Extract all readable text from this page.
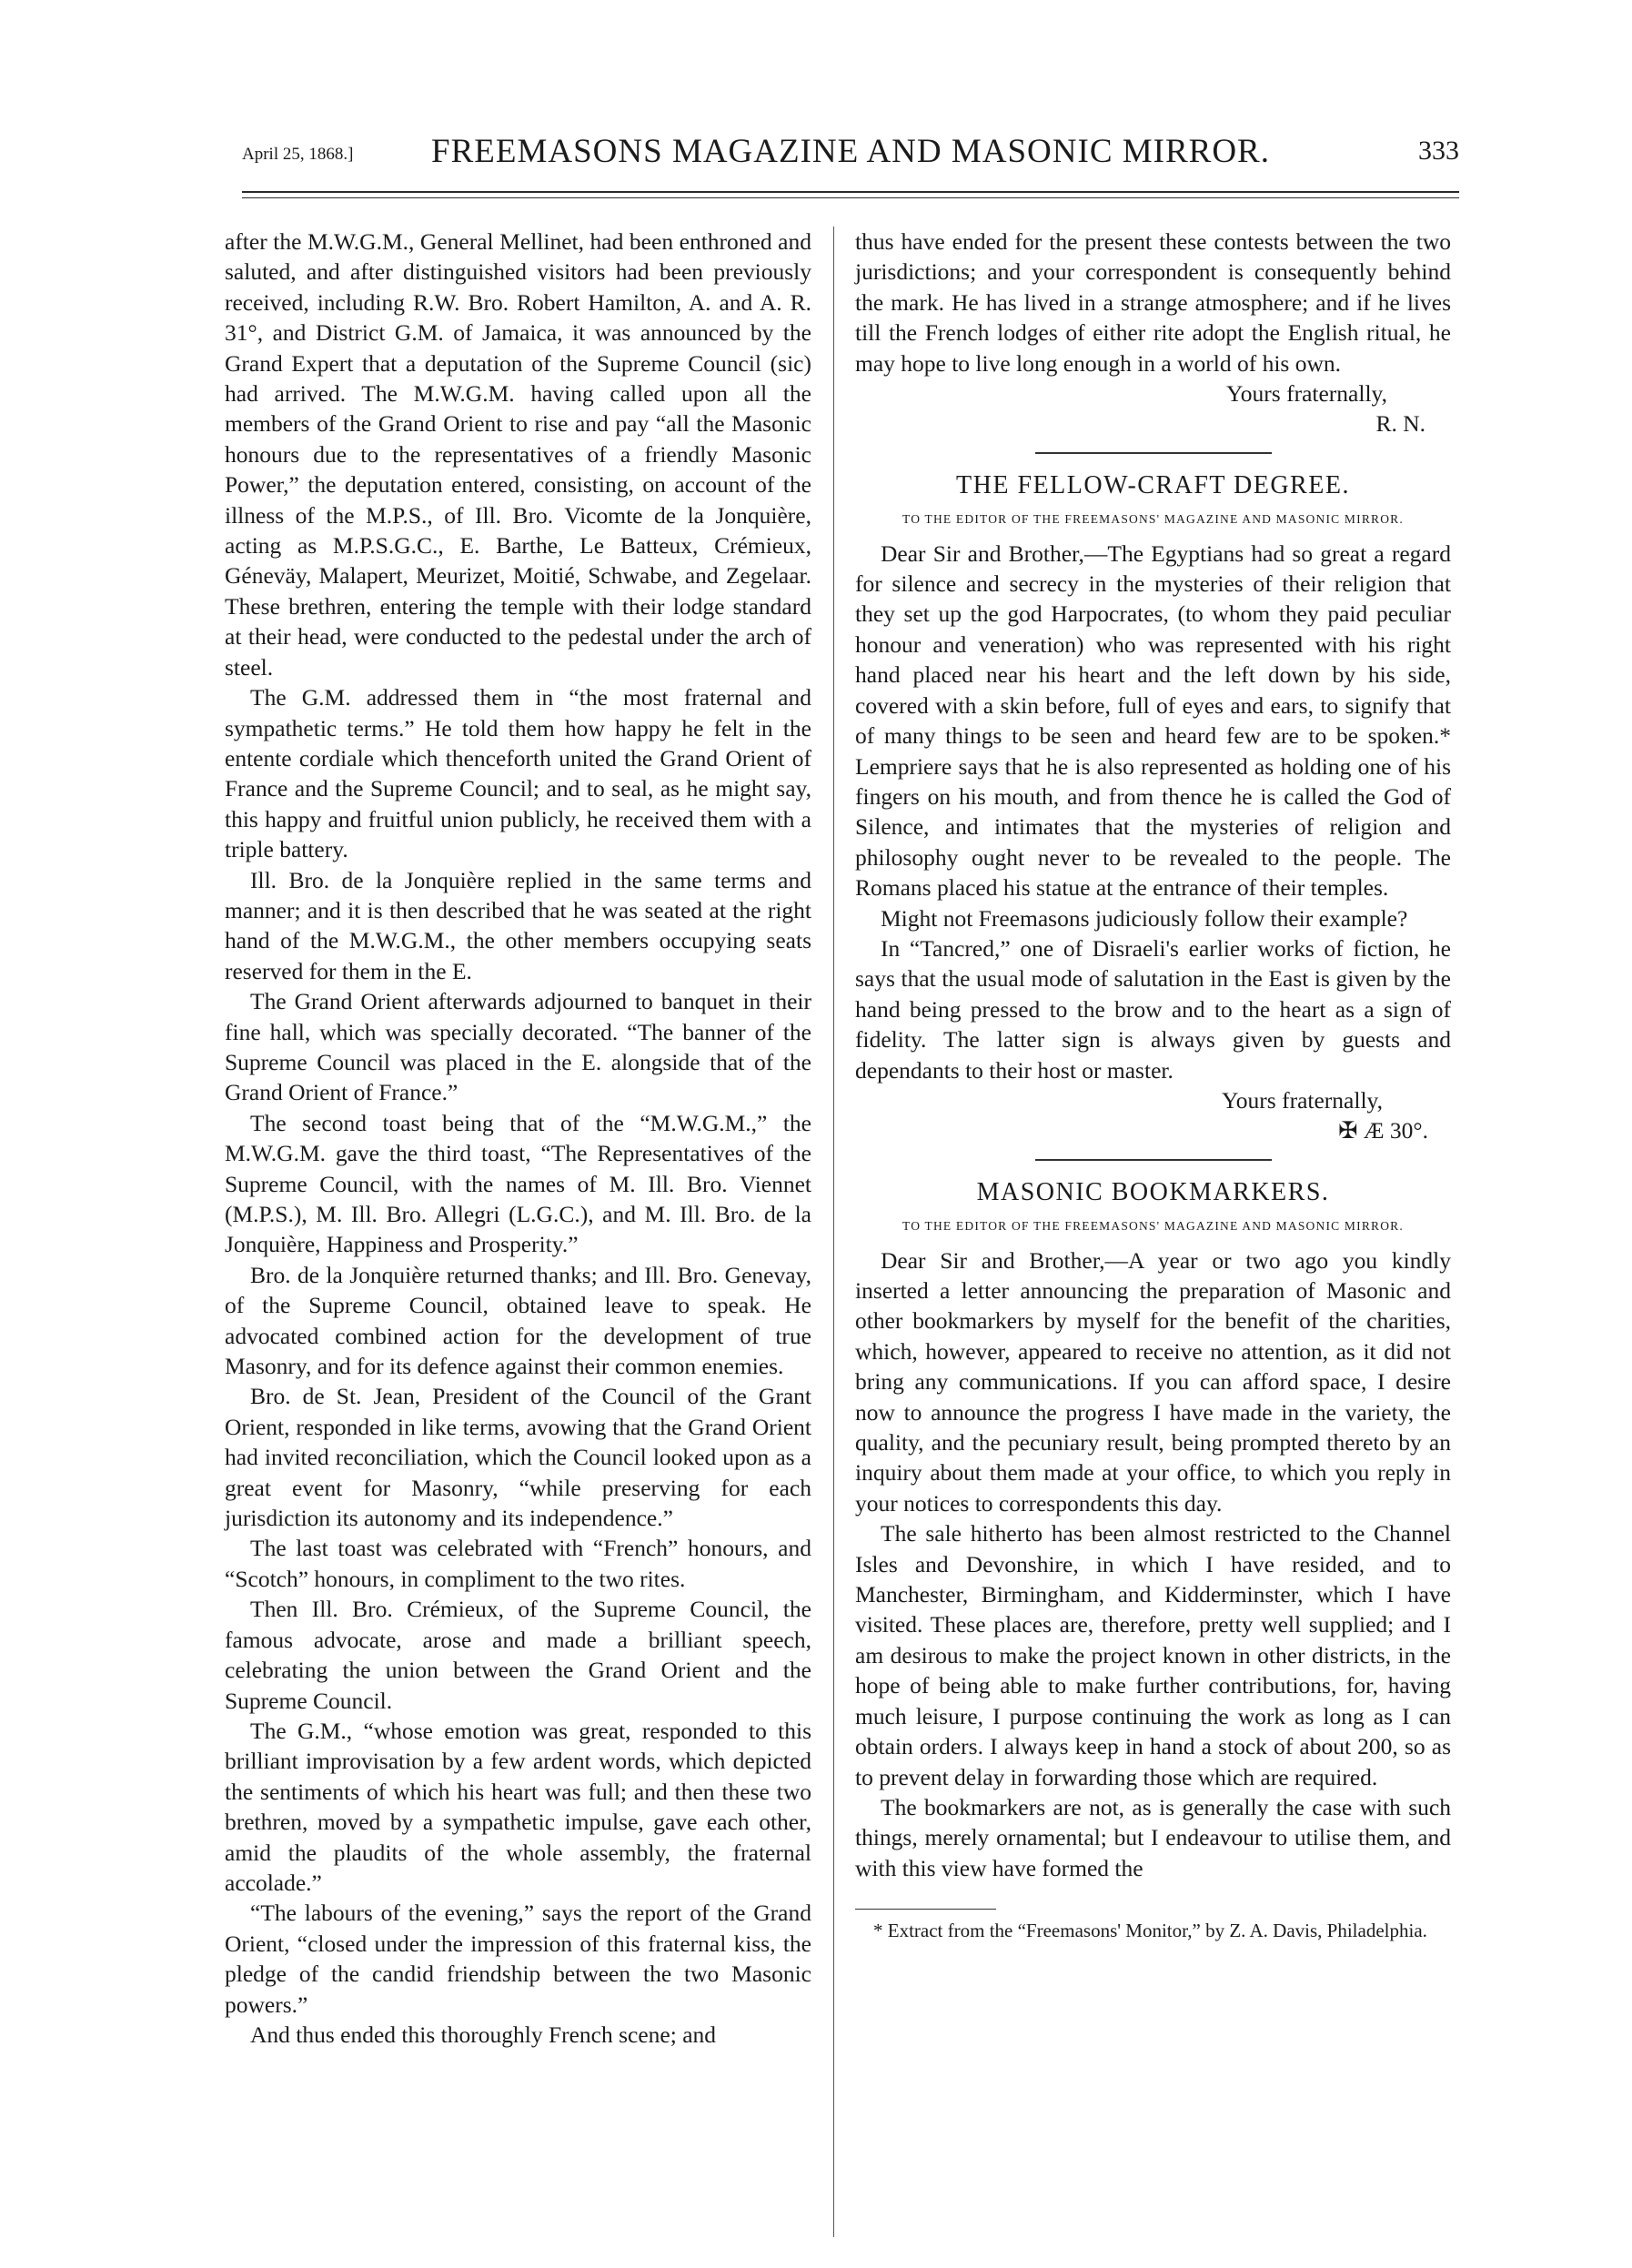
April 25, 1868.]	FREEMASONS MAGAZINE AND MASONIC MIRROR.	333

after the M.W.G.M., General Mellinet, had been enthroned and saluted, and after distinguished visitors had been previously received, including R.W. Bro. Robert Hamilton, A. and A. R. 31°, and District G.M. of Jamaica, it was announced by the Grand Expert that a deputation of the Supreme Council (sic) had arrived. The M.W.G.M. having called upon all the members of the Grand Orient to rise and pay “all the Masonic honours due to the representatives of a friendly Masonic Power,” the deputation entered, consisting, on account of the illness of the M.P.S., of Ill. Bro. Vicomte de la Jonquière, acting as M.P.S.G.C., E. Barthe, Le Batteux, Crémieux, Géneväy, Malapert, Meurizet, Moitié, Schwabe, and Zegelaar. These brethren, entering the temple with their lodge standard at their head, were conducted to the pedestal under the arch of steel.

The G.M. addressed them in “the most fraternal and sympathetic terms.” He told them how happy he felt in the entente cordiale which thenceforth united the Grand Orient of France and the Supreme Council; and to seal, as he might say, this happy and fruitful union publicly, he received them with a triple battery.

Ill. Bro. de la Jonquière replied in the same terms and manner; and it is then described that he was seated at the right hand of the M.W.G.M., the other members occupying seats reserved for them in the E.

The Grand Orient afterwards adjourned to banquet in their fine hall, which was specially decorated. “The banner of the Supreme Council was placed in the E. alongside that of the Grand Orient of France.”

The second toast being that of the “M.W.G.M.,” the M.W.G.M. gave the third toast, “The Representatives of the Supreme Council, with the names of M. Ill. Bro. Viennet (M.P.S.), M. Ill. Bro. Allegri (L.G.C.), and M. Ill. Bro. de la Jonquière, Happiness and Prosperity.”

Bro. de la Jonquière returned thanks; and Ill. Bro. Genevay, of the Supreme Council, obtained leave to speak. He advocated combined action for the development of true Masonry, and for its defence against their common enemies.

Bro. de St. Jean, President of the Council of the Grant Orient, responded in like terms, avowing that the Grand Orient had invited reconciliation, which the Council looked upon as a great event for Masonry, “while preserving for each jurisdiction its autonomy and its independence.”

The last toast was celebrated with “French” honours, and “Scotch” honours, in compliment to the two rites.

Then Ill. Bro. Crémieux, of the Supreme Council, the famous advocate, arose and made a brilliant speech, celebrating the union between the Grand Orient and the Supreme Council.

The G.M., “whose emotion was great, responded to this brilliant improvisation by a few ardent words, which depicted the sentiments of which his heart was full; and then these two brethren, moved by a sympathetic impulse, gave each other, amid the plaudits of the whole assembly, the fraternal accolade.”

“The labours of the evening,” says the report of the Grand Orient, “closed under the impression of this fraternal kiss, the pledge of the candid friendship between the two Masonic powers.”

And thus ended this thoroughly French scene; and

thus have ended for the present these contests between the two jurisdictions; and your correspondent is consequently behind the mark. He has lived in a strange atmosphere; and if he lives till the French lodges of either rite adopt the English ritual, he may hope to live long enough in a world of his own.

Yours fraternally,

R. N.

THE FELLOW-CRAFT DEGREE.
TO THE EDITOR OF THE FREEMASONS' MAGAZINE AND MASONIC MIRROR.

Dear Sir and Brother,—The Egyptians had so great a regard for silence and secrecy in the mysteries of their religion that they set up the god Harpocrates, (to whom they paid peculiar honour and veneration) who was represented with his right hand placed near his heart and the left down by his side, covered with a skin before, full of eyes and ears, to signify that of many things to be seen and heard few are to be spoken.* Lempriere says that he is also represented as holding one of his fingers on his mouth, and from thence he is called the God of Silence, and intimates that the mysteries of religion and philosophy ought never to be revealed to the people. The Romans placed his statue at the entrance of their temples.

Might not Freemasons judiciously follow their example?

In “Tancred,” one of Disraeli's earlier works of fiction, he says that the usual mode of salutation in the East is given by the hand being pressed to the brow and to the heart as a sign of fidelity. The latter sign is always given by guests and dependants to their host or master.

Yours fraternally,

✠ Æ 30°.

MASONIC BOOKMARKERS.
TO THE EDITOR OF THE FREEMASONS' MAGAZINE AND MASONIC MIRROR.

Dear Sir and Brother,—A year or two ago you kindly inserted a letter announcing the preparation of Masonic and other bookmarkers by myself for the benefit of the charities, which, however, appeared to receive no attention, as it did not bring any communications. If you can afford space, I desire now to announce the progress I have made in the variety, the quality, and the pecuniary result, being prompted thereto by an inquiry about them made at your office, to which you reply in your notices to correspondents this day.

The sale hitherto has been almost restricted to the Channel Isles and Devonshire, in which I have resided, and to Manchester, Birmingham, and Kidderminster, which I have visited. These places are, therefore, pretty well supplied; and I am desirous to make the project known in other districts, in the hope of being able to make further contributions, for, having much leisure, I purpose continuing the work as long as I can obtain orders. I always keep in hand a stock of about 200, so as to prevent delay in forwarding those which are required.

The bookmarkers are not, as is generally the case with such things, merely ornamental; but I endeavour to utilise them, and with this view have formed the

* Extract from the “Freemasons' Monitor,” by Z. A. Davis, Philadelphia.
